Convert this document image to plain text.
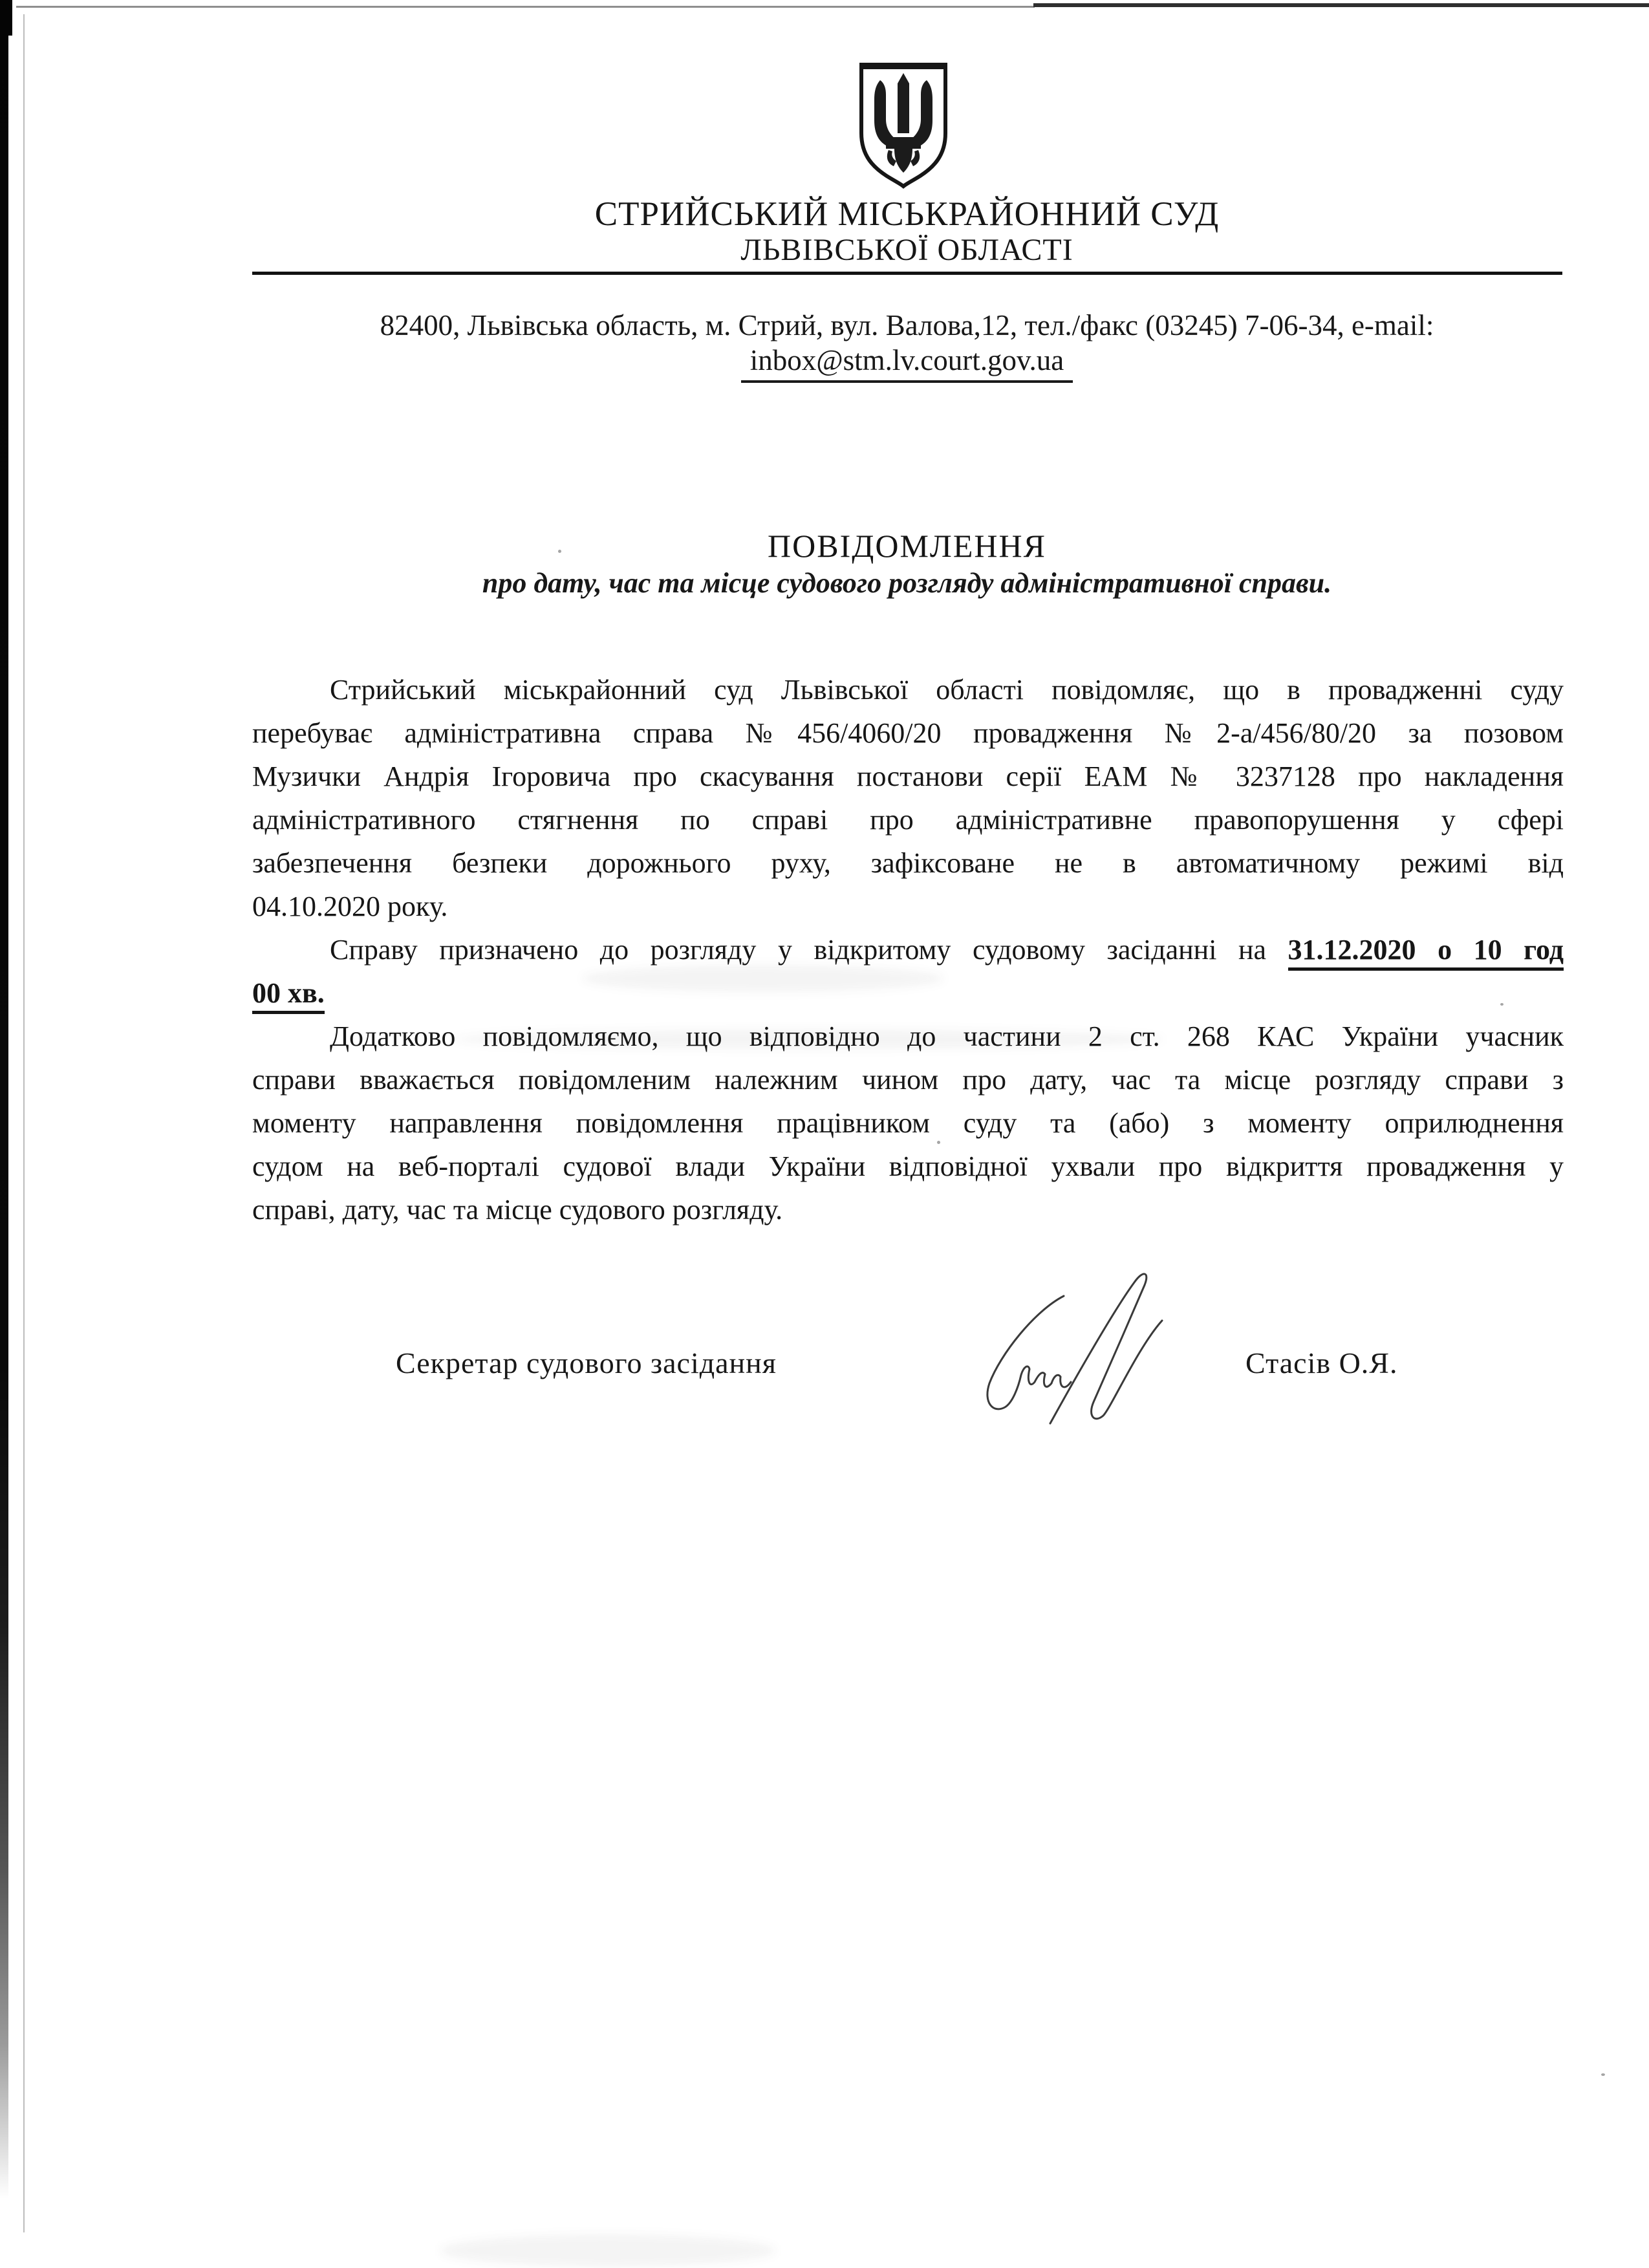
СТРИЙСЬКИЙ МІСЬКРАЙОННИЙ СУД
ЛЬВІВСЬКОЇ ОБЛАСТІ
82400, Львівська область, м. Стрий, вул. Валова,12, тел./факс (03245) 7-06-34, e-mail:
inbox@stm.lv.court.gov.ua
ПОВІДОМЛЕННЯ
про дату, час та місце судового розгляду адміністративної справи.
Стрийський міськрайонний суд Львівської області повідомляє, що в провадженні суду
перебуває адміністративна справа №456/4060/20 провадження №2-а/456/80/20 за позовом
Музички Андрія Ігоровича про скасування постанови серії ЕАМ № 3237128 про накладення
адміністративного стягнення по справі про адміністративне правопорушення у сфері
забезпечення безпеки дорожнього руху, зафіксоване не в автоматичному режимі від
04.10.2020 року.
Справу призначено до розгляду у відкритому судовому засіданні на 31.12.2020 о 10 год
00 хв.
Додатково повідомляємо, що відповідно до частини 2 ст. 268 КАС України учасник
справи вважається повідомленим належним чином про дату, час та місце розгляду справи з
моменту направлення повідомлення працівником суду та (або) з моменту оприлюднення
судом на веб-порталі судової влади України відповідної ухвали про відкриття провадження у
справі, дату, час та місце судового розгляду.
Секретар судового засідання	Стасів О.Я.
